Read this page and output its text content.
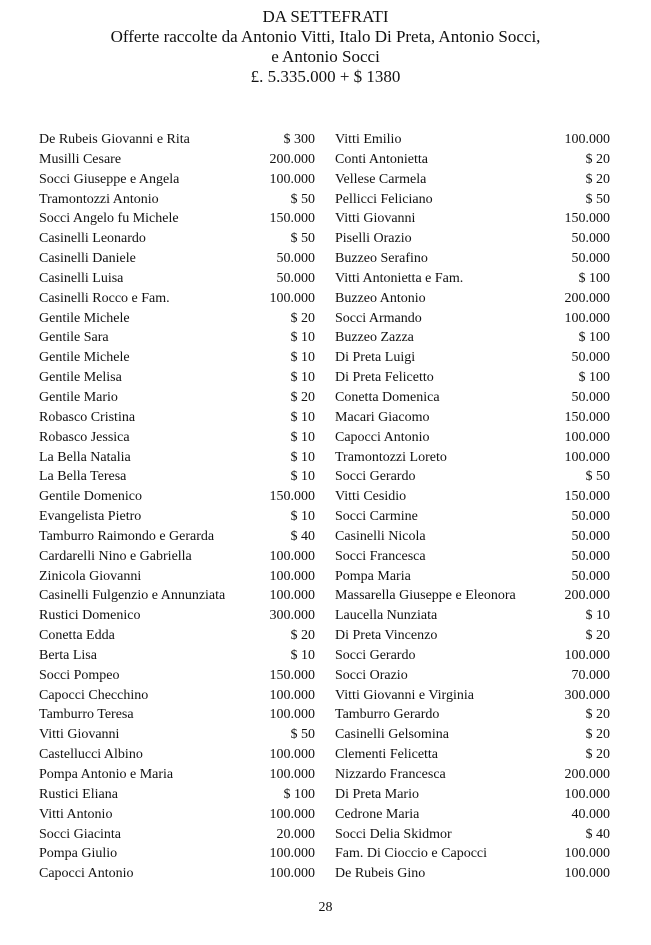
DA SETTEFRATI
Offerte raccolte da Antonio Vitti, Italo Di Preta, Antonio Socci,
e Antonio Socci
£. 5.335.000 + $ 1380
De Rubeis Giovanni e Rita	$ 300
Musilli Cesare	200.000
Socci Giuseppe e Angela	100.000
Tramontozzi Antonio	$ 50
Socci Angelo fu Michele	150.000
Casinelli Leonardo	$ 50
Casinelli Daniele	50.000
Casinelli Luisa	50.000
Casinelli Rocco e Fam.	100.000
Gentile Michele	$ 20
Gentile Sara	$ 10
Gentile Michele	$ 10
Gentile Melisa	$ 10
Gentile Mario	$ 20
Robasco Cristina	$ 10
Robasco Jessica	$ 10
La Bella Natalia	$ 10
La Bella Teresa	$ 10
Gentile Domenico	150.000
Evangelista Pietro	$ 10
Tamburro Raimondo e Gerarda	$ 40
Cardarelli Nino e Gabriella	100.000
Zinicola Giovanni	100.000
Casinelli Fulgenzio e Annunziata	100.000
Rustici Domenico	300.000
Conetta Edda	$ 20
Berta Lisa	$ 10
Socci Pompeo	150.000
Capocci Checchino	100.000
Tamburro Teresa	100.000
Vitti Giovanni	$ 50
Castellucci Albino	100.000
Pompa Antonio e Maria	100.000
Rustici Eliana	$ 100
Vitti Antonio	100.000
Socci Giacinta	20.000
Pompa Giulio	100.000
Capocci Antonio	100.000
Vitti Emilio	100.000
Conti Antonietta	$ 20
Vellese Carmela	$ 20
Pellicci Feliciano	$ 50
Vitti Giovanni	150.000
Piselli Orazio	50.000
Buzzeo Serafino	50.000
Vitti Antonietta e Fam.	$ 100
Buzzeo Antonio	200.000
Socci Armando	100.000
Buzzeo Zazza	$ 100
Di Preta Luigi	50.000
Di Preta Felicetto	$ 100
Conetta Domenica	50.000
Macari Giacomo	150.000
Capocci Antonio	100.000
Tramontozzi Loreto	100.000
Socci Gerardo	$ 50
Vitti Cesidio	150.000
Socci Carmine	50.000
Casinelli Nicola	50.000
Socci Francesca	50.000
Pompa Maria	50.000
Massarella Giuseppe e Eleonora	200.000
Laucella Nunziata	$ 10
Di Preta Vincenzo	$ 20
Socci Gerardo	100.000
Socci Orazio	70.000
Vitti Giovanni e Virginia	300.000
Tamburro Gerardo	$ 20
Casinelli Gelsomina	$ 20
Clementi Felicetta	$ 20
Nizzardo Francesca	200.000
Di Preta Mario	100.000
Cedrone Maria	40.000
Socci Delia Skidmor	$ 40
Fam. Di Cioccio e Capocci	100.000
De Rubeis Gino	100.000
28
